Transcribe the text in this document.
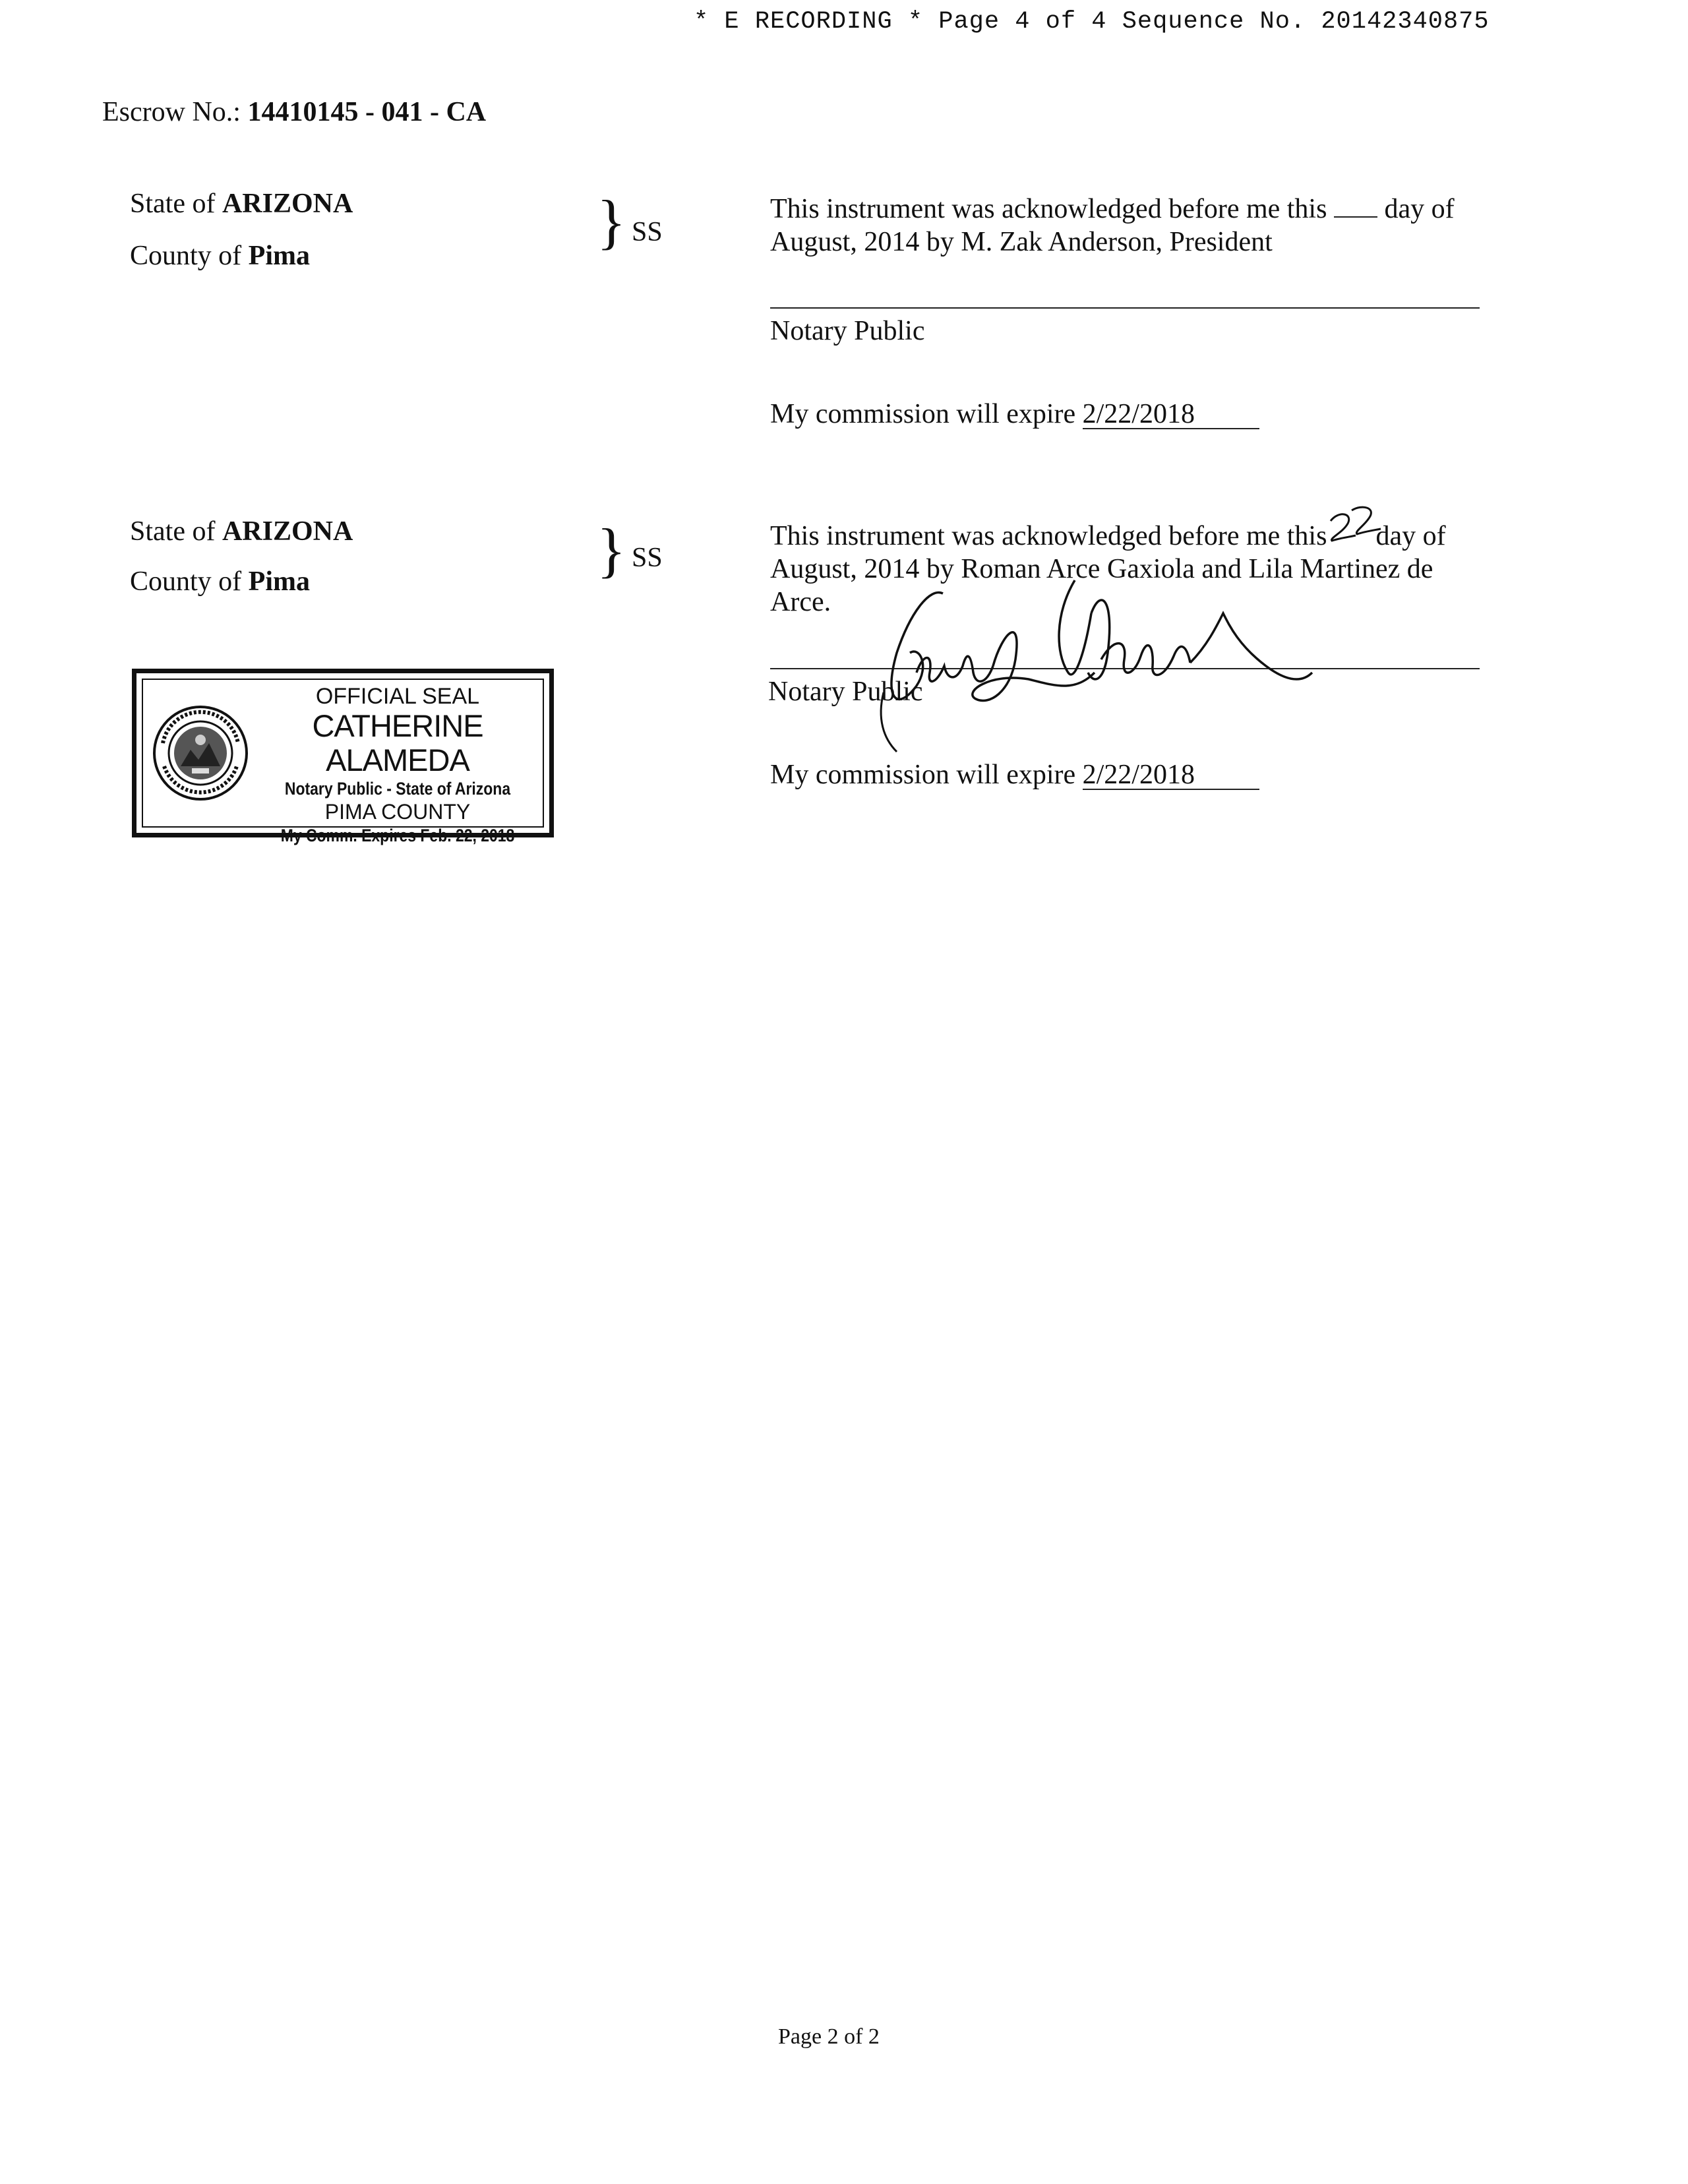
* E RECORDING * Page 4 of 4 Sequence No. 20142340875
Escrow No.: 14410145 - 041 - CA
State of ARIZONA
County of Pima
} SS
This instrument was acknowledged before me this  day of
August, 2014 by M. Zak Anderson, President
Notary Public
My commission will expire 2/22/2018
State of ARIZONA
County of Pima	} SS
This instrument was acknowledged before me this day of
August, 2014 by Roman Arce Gaxiola and Lila Martinez de
Arce.
Notary Public
My commission will expire 2/22/2018
OFFICIAL SEAL
CATHERINE ALAMEDA
Notary Public - State of Arizona
PIMA COUNTY
My Comm. Expires Feb. 22, 2018
Page 2 of 2
